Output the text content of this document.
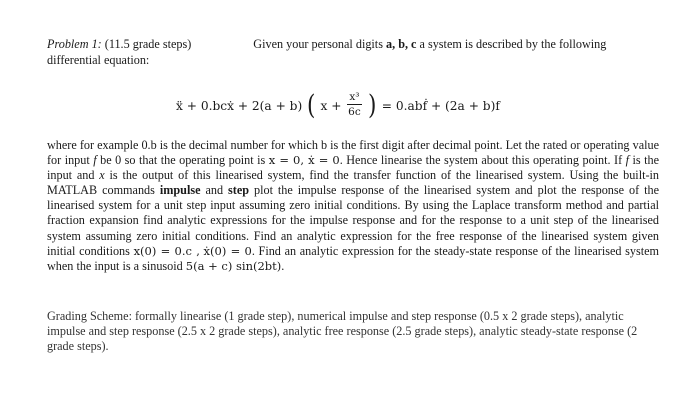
Problem 1: (11.5 grade steps)	Given your personal digits a, b, c a system is described by the following differential equation:
ẍ + 0.bcẋ + 2(a + b) ( $x + \frac{\text{x³}}{6c}$ ) = 0.abḟ + (2a + b)f
where for example 0.b is the decimal number for which b is the first digit after decimal point. Let the rated or operating value for input f be 0 so that the operating point is x = 0, ẋ = 0. Hence linearise the system about this operating point. If f is the input and x is the output of this linearised system, find the transfer function of the linearised system. Using the built-in MATLAB commands impulse and step plot the impulse response of the linearised system and plot the response of the linearised system for a unit step input assuming zero initial conditions. By using the Laplace transform method and partial fraction expansion find analytic expressions for the impulse response and for the response to a unit step of the linearised system assuming zero initial conditions. Find an analytic expression for the free response of the linearised system given initial conditions x(0) = 0.c , ẋ(0) = 0. Find an analytic expression for the steady-state response of the linearised system when the input is a sinusoid 5(a + c) sin(2bt).
Grading Scheme: formally linearise (1 grade step), numerical impulse and step response (0.5 x 2 grade steps), analytic impulse and step response (2.5 x 2 grade steps), analytic free response (2.5 grade steps), analytic steady-state response (2 grade steps).
